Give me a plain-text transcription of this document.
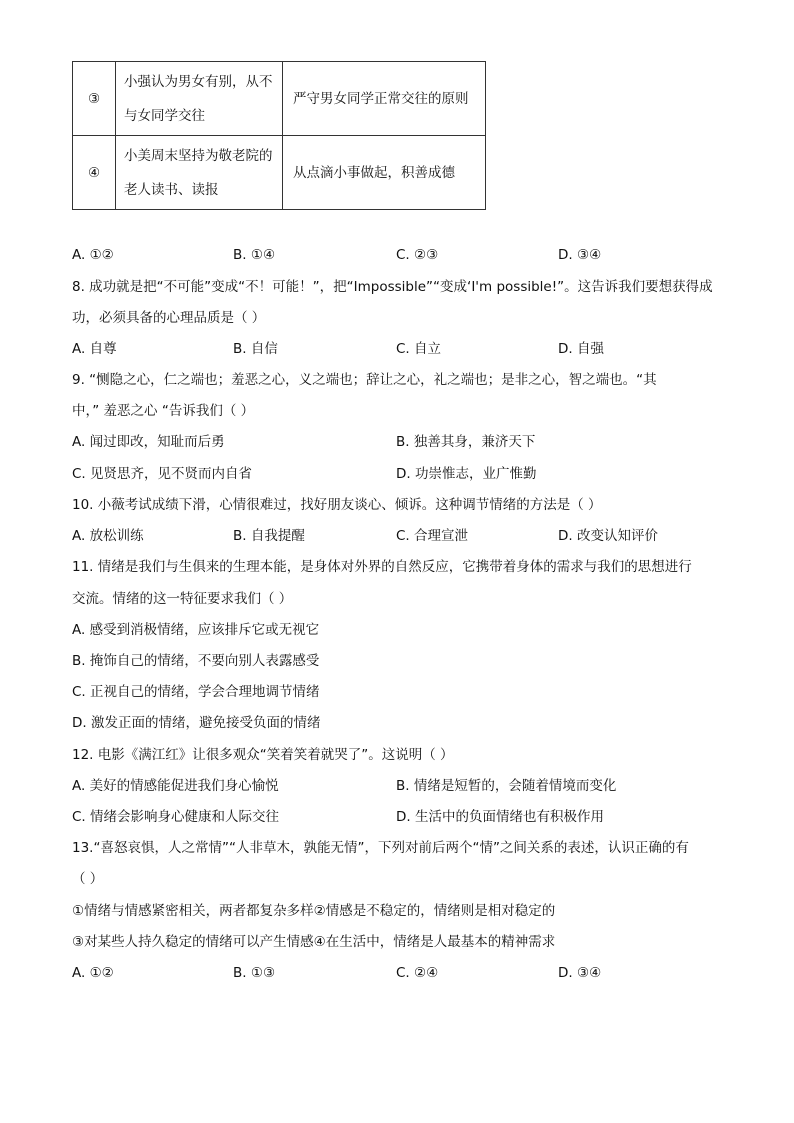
③	小强认为男女有别，从不与女同学交往	严守男女同学正常交往的原则
④	小美周末坚持为敬老院的老人读书、读报	从点滴小事做起，积善成德
A. ①②	B. ①④	C. ②③	D. ③④
8. 成功就是把“不可能”变成“不！可能！”，把“Impossible”“变成‘I'm possible!”。这告诉我们要想获得成
功，必须具备的心理品质是（ ）
A. 自尊	B. 自信	C. 自立	D. 自强
9. “恻隐之心，仁之端也；羞恶之心，义之端也；辞让之心，礼之端也；是非之心，智之端也。“其
中，” 羞恶之心 “告诉我们（ ）
A. 闻过即改，知耻而后勇	B. 独善其身，兼济天下
C. 见贤思齐，见不贤而内自省	D. 功崇惟志，业广惟勤
10. 小薇考试成绩下滑，心情很难过，找好朋友谈心、倾诉。这种调节情绪的方法是（ ）
A. 放松训练	B. 自我提醒	C. 合理宣泄	D. 改变认知评价
11. 情绪是我们与生俱来的生理本能，是身体对外界的自然反应，它携带着身体的需求与我们的思想进行
交流。情绪的这一特征要求我们（ ）
A. 感受到消极情绪，应该排斥它或无视它
B. 掩饰自己的情绪，不要向别人表露感受
C. 正视自己的情绪，学会合理地调节情绪
D. 激发正面的情绪，避免接受负面的情绪
12. 电影《满江红》让很多观众“笑着笑着就哭了”。这说明（ ）
A. 美好的情感能促进我们身心愉悦	B. 情绪是短暂的，会随着情境而变化
C. 情绪会影响身心健康和人际交往	D. 生活中的负面情绪也有积极作用
13.“喜怒哀惧，人之常情”“人非草木，孰能无情”，下列对前后两个“情”之间关系的表述，认识正确的有
（ ）
①情绪与情感紧密相关，两者都复杂多样②情感是不稳定的，情绪则是相对稳定的
③对某些人持久稳定的情绪可以产生情感④在生活中，情绪是人最基本的精神需求
A. ①②	B. ①③	C. ②④	D. ③④
